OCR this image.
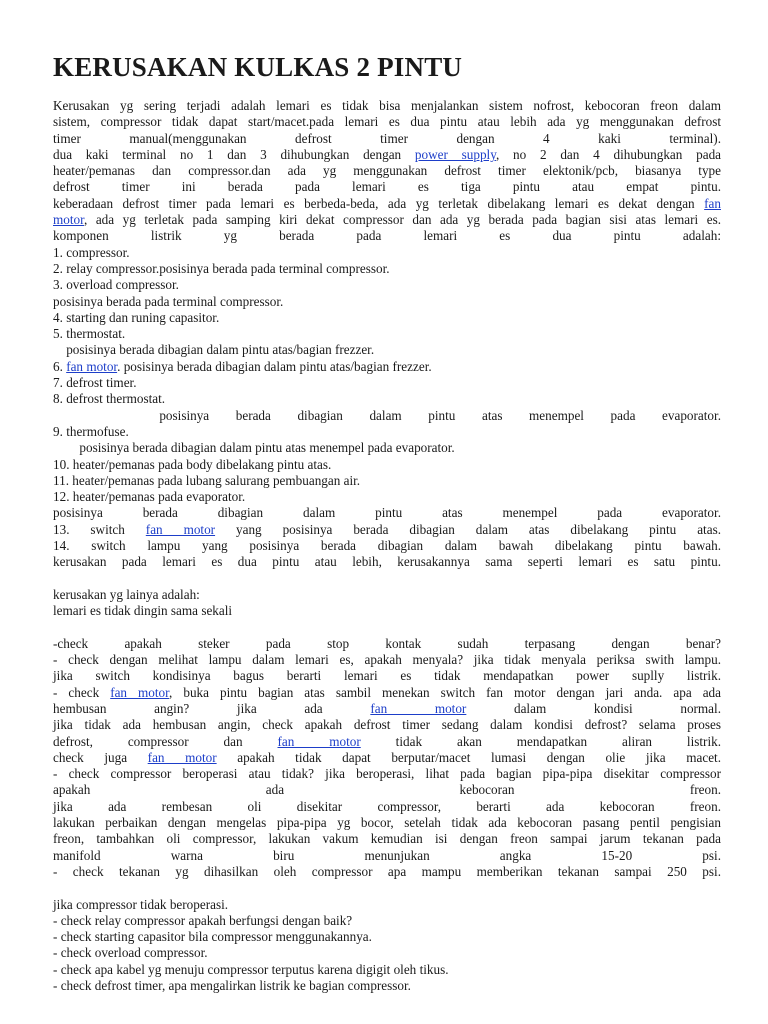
KERUSAKAN KULKAS 2 PINTU
Kerusakan yg sering terjadi adalah lemari es tidak bisa menjalankan sistem nofrost, kebocoran freon dalam
sistem, compressor tidak dapat start/macet.pada lemari es dua pintu atau lebih ada yg menggunakan defrost
timer manual(menggunakan defrost timer dengan 4 kaki terminal).
dua kaki terminal no 1 dan 3 dihubungkan dengan power supply, no 2 dan 4 dihubungkan pada
heater/pemanas dan compressor.dan ada yg menggunakan defrost timer elektonik/pcb, biasanya type
defrost timer ini berada pada lemari es tiga pintu atau empat pintu.
keberadaan defrost timer pada lemari es berbeda-beda, ada yg terletak dibelakang lemari es dekat dengan fan
motor, ada yg terletak pada samping kiri dekat compressor dan ada yg berada pada bagian sisi atas lemari es.
komponen listrik yg berada pada lemari es dua pintu adalah:
1. compressor.
2. relay compressor.posisinya berada pada terminal compressor.
3. overload compressor.
posisinya berada pada terminal compressor.
4. starting dan runing capasitor.
5. thermostat.
posisinya berada dibagian dalam pintu atas/bagian frezzer.
6. fan motor. posisinya berada dibagian dalam pintu atas/bagian frezzer.
7. defrost timer.
8. defrost thermostat.
posisinya berada dibagian dalam pintu atas menempel pada evaporator.
9. thermofuse.
posisinya berada dibagian dalam pintu atas menempel pada evaporator.
10. heater/pemanas pada body dibelakang pintu atas.
11. heater/pemanas pada lubang salurang pembuangan air.
12. heater/pemanas pada evaporator.
posisinya berada dibagian dalam pintu atas menempel pada evaporator.
13. switch fan motor yang posisinya berada dibagian dalam atas dibelakang pintu atas.
14. switch lampu yang posisinya berada dibagian dalam bawah dibelakang pintu bawah.
kerusakan pada lemari es dua pintu atau lebih, kerusakannya sama seperti lemari es satu pintu.
kerusakan yg lainya adalah:
lemari es tidak dingin sama sekali
-check apakah steker pada stop kontak sudah terpasang dengan benar?
- check dengan melihat lampu dalam lemari es, apakah menyala? jika tidak menyala periksa swith lampu.
jika switch kondisinya bagus berarti lemari es tidak mendapatkan power suplly listrik.
- check fan motor, buka pintu bagian atas sambil menekan switch fan motor dengan jari anda. apa ada
hembusan angin? jika ada fan motor dalam kondisi normal.
jika tidak ada hembusan angin, check apakah defrost timer sedang dalam kondisi defrost? selama proses
defrost, compressor dan fan motor tidak akan mendapatkan aliran listrik.
check juga fan motor apakah tidak dapat berputar/macet lumasi dengan olie jika macet.
- check compressor beroperasi atau tidak? jika beroperasi, lihat pada bagian pipa-pipa disekitar compressor
apakah ada kebocoran freon.
jika ada rembesan oli disekitar compressor, berarti ada kebocoran freon.
lakukan perbaikan dengan mengelas pipa-pipa yg bocor, setelah tidak ada kebocoran pasang pentil pengisian
freon, tambahkan oli compressor, lakukan vakum kemudian isi dengan freon sampai jarum tekanan pada
manifold warna biru menunjukan angka 15-20 psi.
- check tekanan yg dihasilkan oleh compressor apa mampu memberikan tekanan sampai 250 psi.
jika compressor tidak beroperasi.
- check relay compressor apakah berfungsi dengan baik?
- check starting capasitor bila compressor menggunakannya.
- check overload compressor.
- check apa kabel yg menuju compressor terputus karena digigit oleh tikus.
- check defrost timer, apa mengalirkan listrik ke bagian compressor.
